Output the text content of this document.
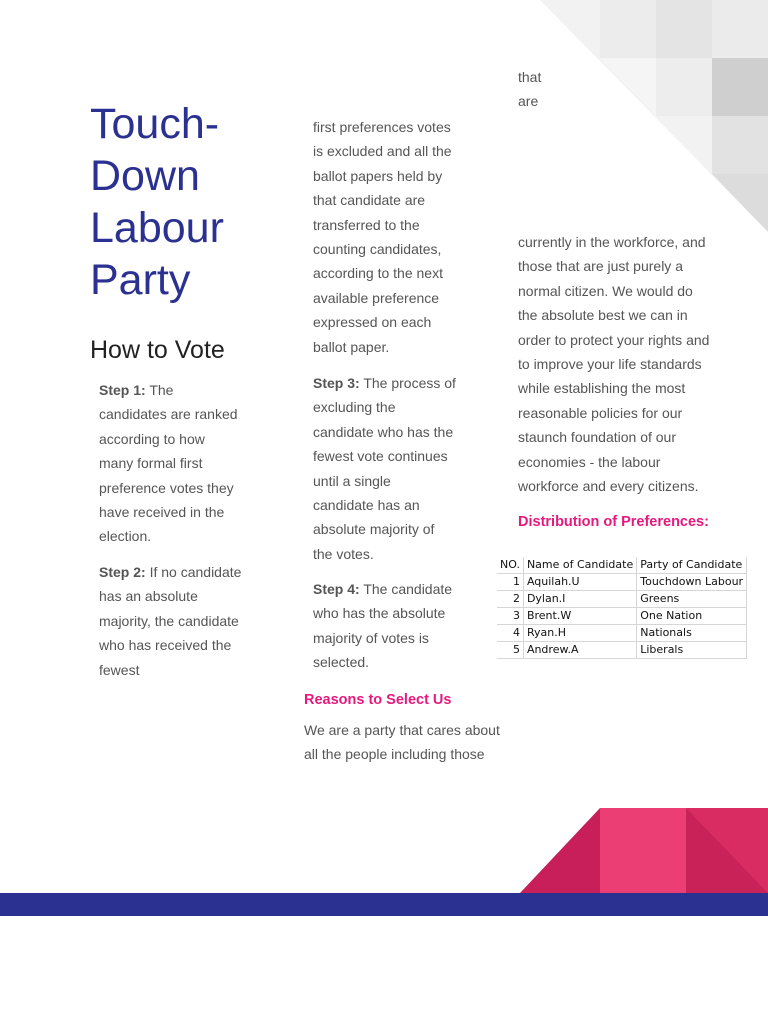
Touch-
Down
Labour
Party
How to Vote
Step 1: The
candidates are ranked
according to how
many formal first
preference votes they
have received in the
election.
Step 2: If no candidate
has an absolute
majority, the candidate
who has received the
fewest
first preferences votes
is excluded and all the
ballot papers held by
that candidate are
transferred to the
counting candidates,
according to the next
available preference
expressed on each
ballot paper.
Step 3: The process of
excluding the
candidate who has the
fewest vote continues
until a single
candidate has an
absolute majority of
the votes.
Step 4: The candidate
who has the absolute
majority of votes is
selected.
Reasons to Select Us
We are a party that cares about
all the people including those
that
are
currently in the workforce, and
those that are just purely a
normal citizen. We would do
the absolute best we can in
order to protect your rights and
to improve your life standards
while establishing the most
reasonable policies for our
staunch foundation of our
economies - the labour
workforce and every citizens.
Distribution of Preferences:
NO.	Name of Candidate	Party of Candidate
1	Aquilah.U	Touchdown Labour
2	Dylan.I	Greens
3	Brent.W	One Nation
4	Ryan.H	Nationals
5	Andrew.A	Liberals
